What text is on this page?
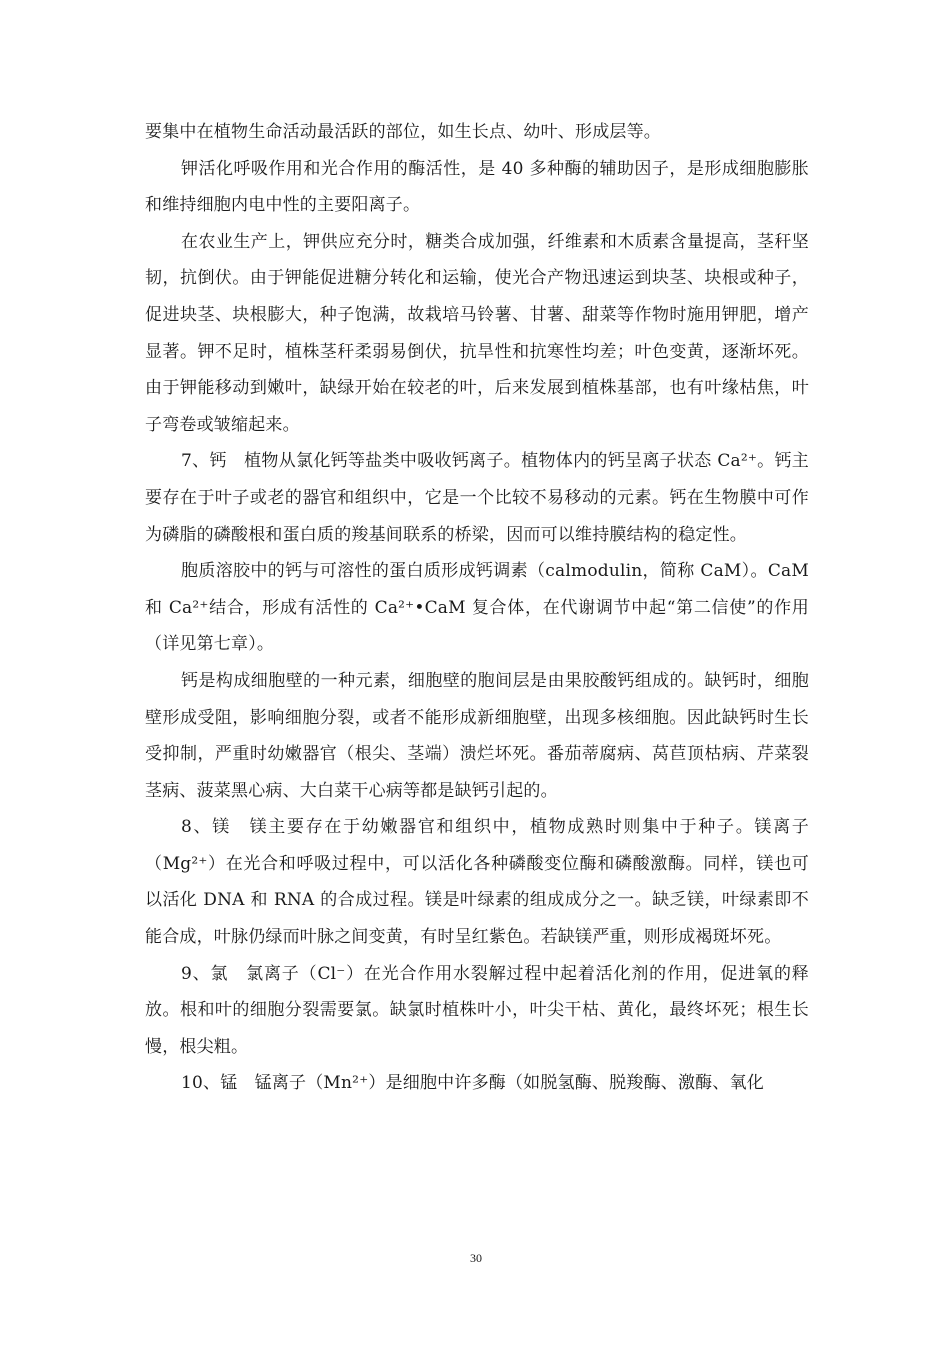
要集中在植物生命活动最活跃的部位，如生长点、幼叶、形成层等。

钾活化呼吸作用和光合作用的酶活性，是 40 多种酶的辅助因子，是形成细胞膨胀和维持细胞内电中性的主要阳离子。

在农业生产上，钾供应充分时，糖类合成加强，纤维素和木质素含量提高，茎秆坚韧，抗倒伏。由于钾能促进糖分转化和运输，使光合产物迅速运到块茎、块根或种子，促进块茎、块根膨大，种子饱满，故栽培马铃薯、甘薯、甜菜等作物时施用钾肥，增产显著。钾不足时，植株茎秆柔弱易倒伏，抗旱性和抗寒性均差；叶色变黄，逐渐坏死。由于钾能移动到嫩叶，缺绿开始在较老的叶，后来发展到植株基部，也有叶缘枯焦，叶子弯卷或皱缩起来。

7、钙　植物从氯化钙等盐类中吸收钙离子。植物体内的钙呈离子状态 Ca²⁺。钙主要存在于叶子或老的器官和组织中，它是一个比较不易移动的元素。钙在生物膜中可作为磷脂的磷酸根和蛋白质的羧基间联系的桥梁，因而可以维持膜结构的稳定性。

胞质溶胶中的钙与可溶性的蛋白质形成钙调素（calmodulin，简称 CaM）。CaM 和 Ca²⁺结合，形成有活性的 Ca²⁺•CaM 复合体，在代谢调节中起“第二信使”的作用（详见第七章）。

钙是构成细胞壁的一种元素，细胞壁的胞间层是由果胶酸钙组成的。缺钙时，细胞壁形成受阻，影响细胞分裂，或者不能形成新细胞壁，出现多核细胞。因此缺钙时生长受抑制，严重时幼嫩器官（根尖、茎端）溃烂坏死。番茄蒂腐病、莴苣顶枯病、芹菜裂茎病、菠菜黑心病、大白菜干心病等都是缺钙引起的。

8、镁　镁主要存在于幼嫩器官和组织中，植物成熟时则集中于种子。镁离子（Mg²⁺）在光合和呼吸过程中，可以活化各种磷酸变位酶和磷酸激酶。同样，镁也可以活化 DNA 和 RNA 的合成过程。镁是叶绿素的组成成分之一。缺乏镁，叶绿素即不能合成，叶脉仍绿而叶脉之间变黄，有时呈红紫色。若缺镁严重，则形成褐斑坏死。

9、氯　氯离子（Cl⁻）在光合作用水裂解过程中起着活化剂的作用，促进氧的释放。根和叶的细胞分裂需要氯。缺氯时植株叶小，叶尖干枯、黄化，最终坏死；根生长慢，根尖粗。

10、锰　锰离子（Mn²⁺）是细胞中许多酶（如脱氢酶、脱羧酶、激酶、氧化

30
